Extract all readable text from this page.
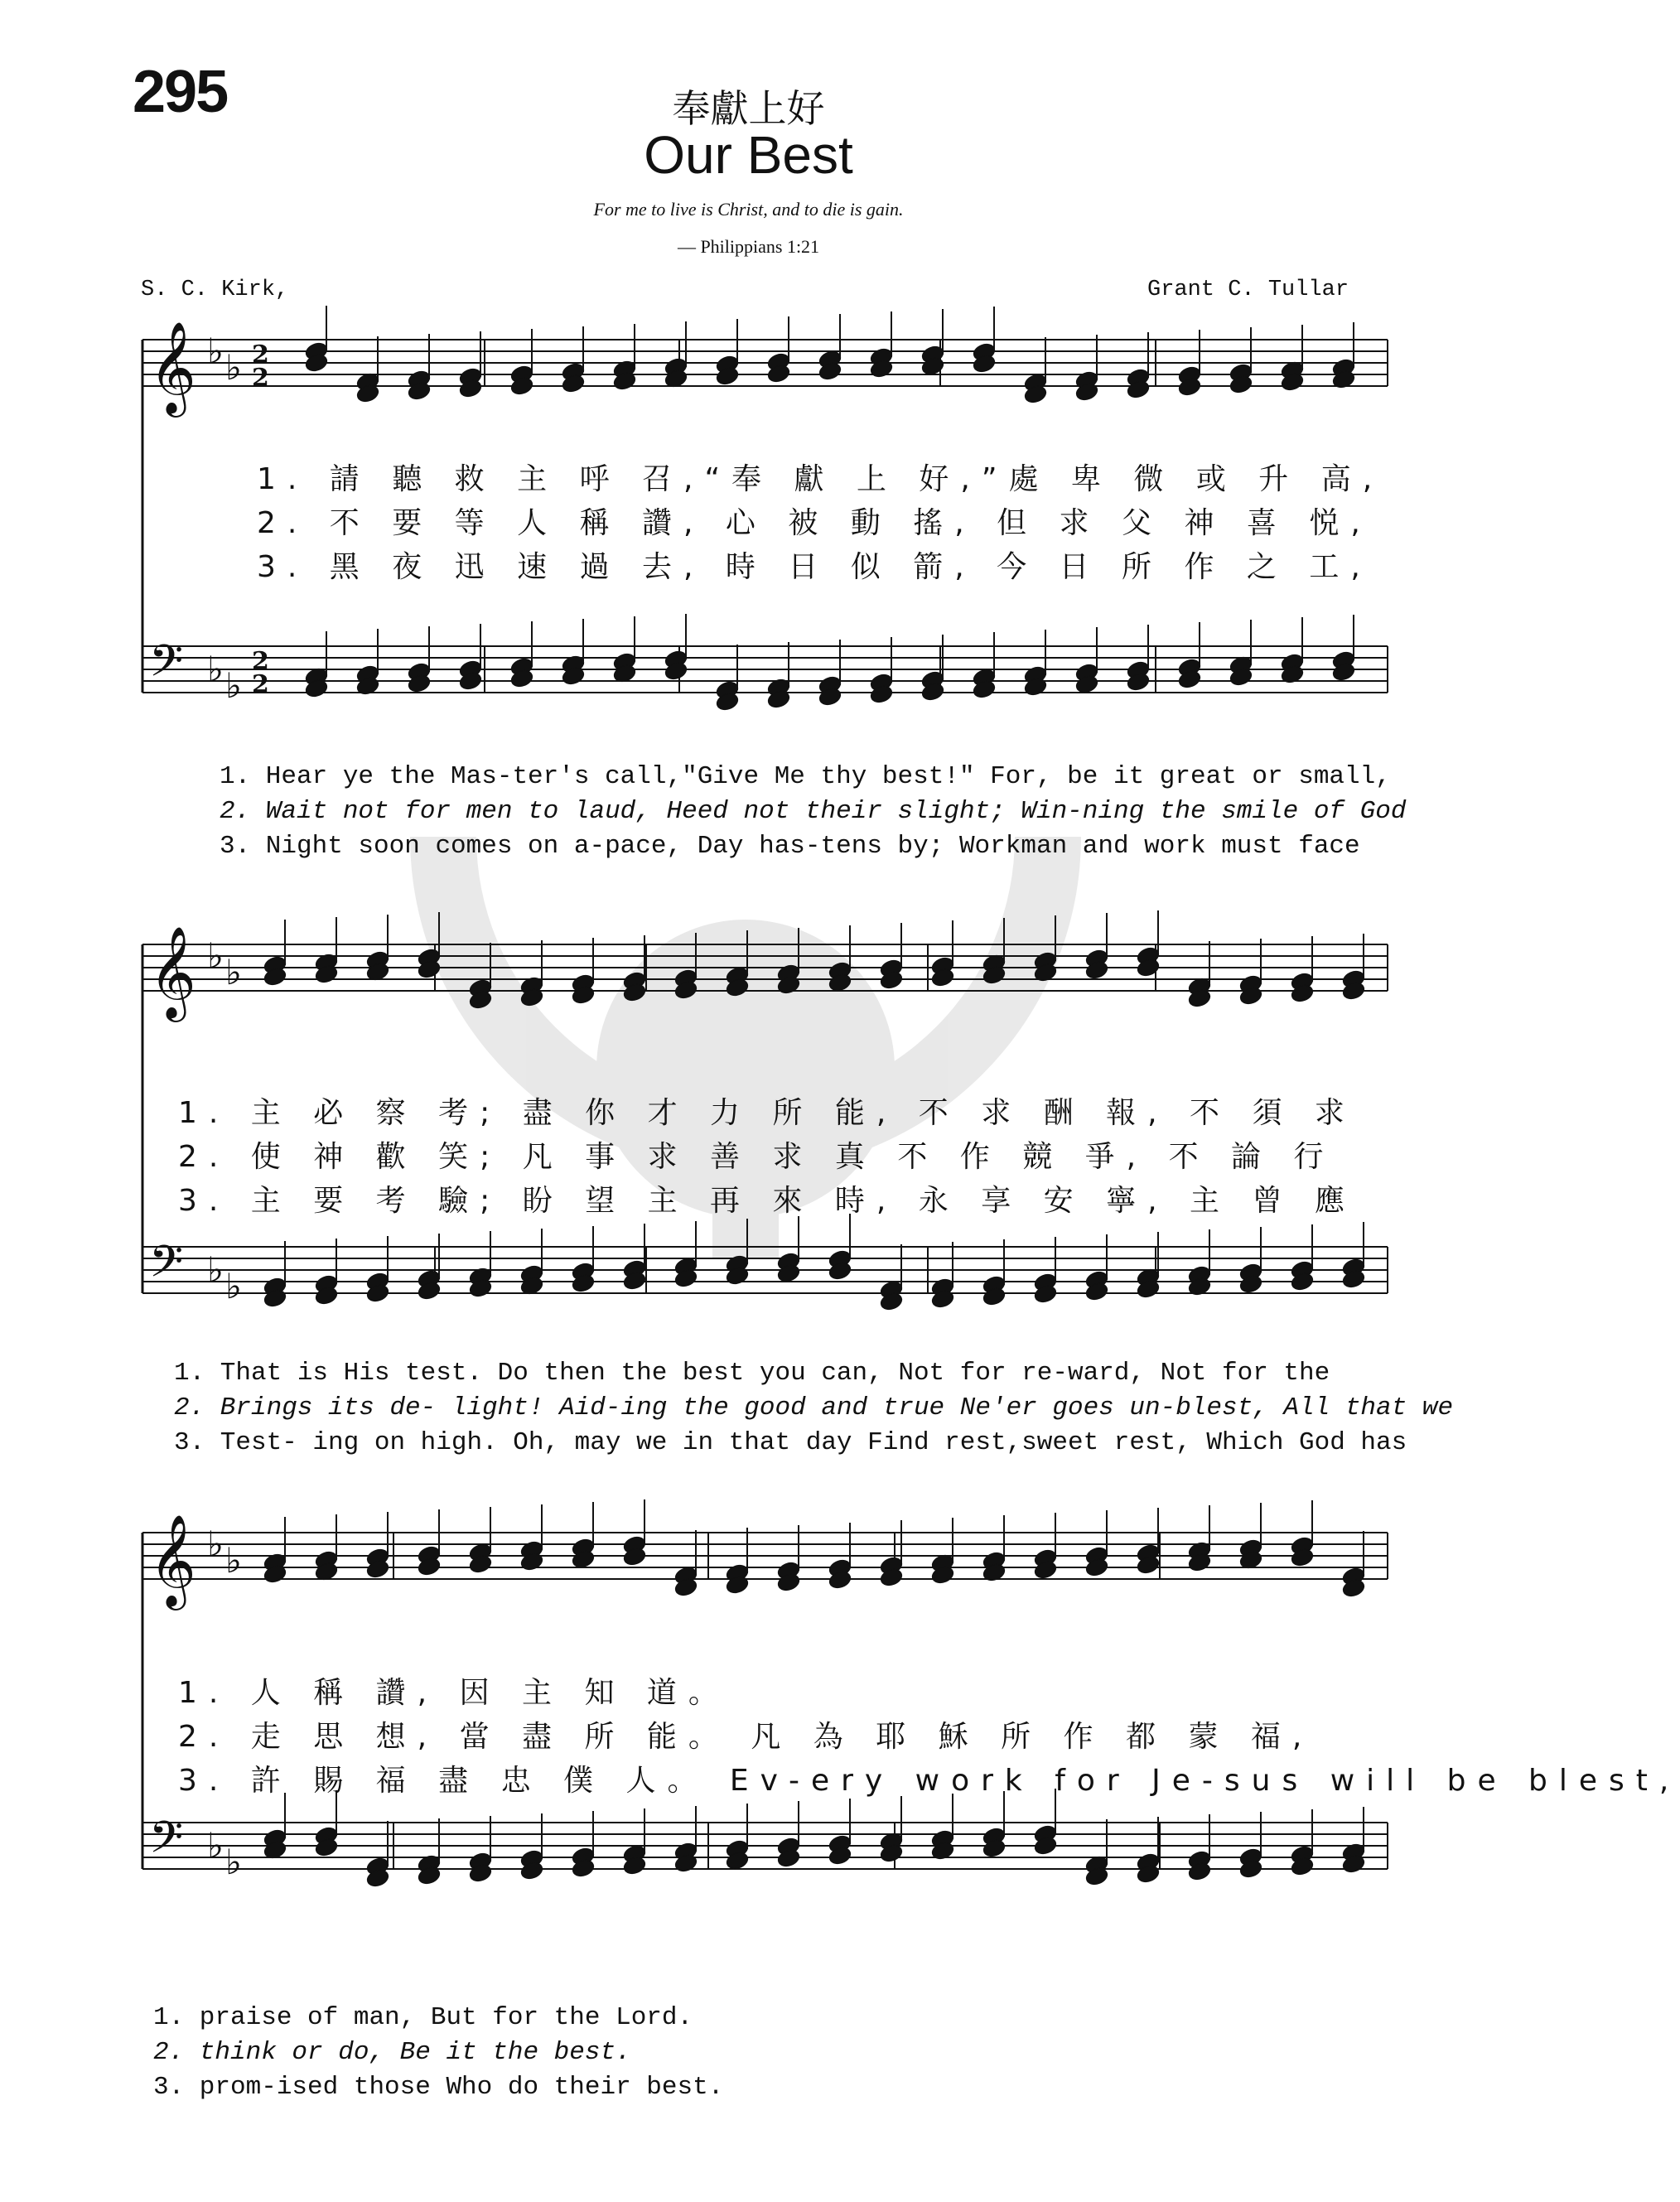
295	奉獻上好
Our Best
For me to live is Christ, and to die is gain.
— Philippians 1:21
S. C. Kirk,	Grant C. Tullar
𝄞 ♭ ♭ 2
2
𝄢 ♭ ♭
2
2
𝄞 ♭ ♭
𝄢 ♭ ♭
𝄞 ♭ ♭
𝄢 ♭ ♭
1. 請 聽 救 主 呼 召,“奉 獻 上 好,”處 卑 微 或 升 高,
2. 不 要 等 人 稱 讚, 心 被 動 搖, 但 求 父 神 喜 悦,
3. 黑 夜 迅 速 過 去, 時 日 似 箭, 今 日 所 作 之 工,
1. Hear ye the Mas-ter's call,"Give Me thy best!" For, be it great or small,
2. Wait not for men to laud, Heed not their slight; Win-ning the smile of God
3. Night soon comes on a-pace, Day has-tens by; Workman and work must face
1. 主 必 察 考; 盡 你 才 力 所 能, 不 求 酬 報, 不 須 求
2. 使 神 歡 笑; 凡 事 求 善 求 真 不 作 競 爭, 不 論 行
3. 主 要 考 驗; 盼 望 主 再 來 時, 永 享 安 寧, 主 曾 應
1. That is His test. Do then the best you can, Not for re-ward, Not for the
2. Brings its de- light! Aid-ing the good and true Ne'er goes un-blest, All that we
3. Test- ing on high. Oh, may we in that day Find rest,sweet rest, Which God has
1. 人 稱 讚, 因 主 知 道。
2. 走 思 想, 當 盡 所 能。 凡 為 耶 穌 所 作 都 蒙 福,
3. 許 賜 福 盡 忠 僕 人。 Ev-ery work for Je-sus will be blest,
1. praise of man, But for the Lord.
2. think or do, Be it the best.
3. prom-ised those Who do their best.
